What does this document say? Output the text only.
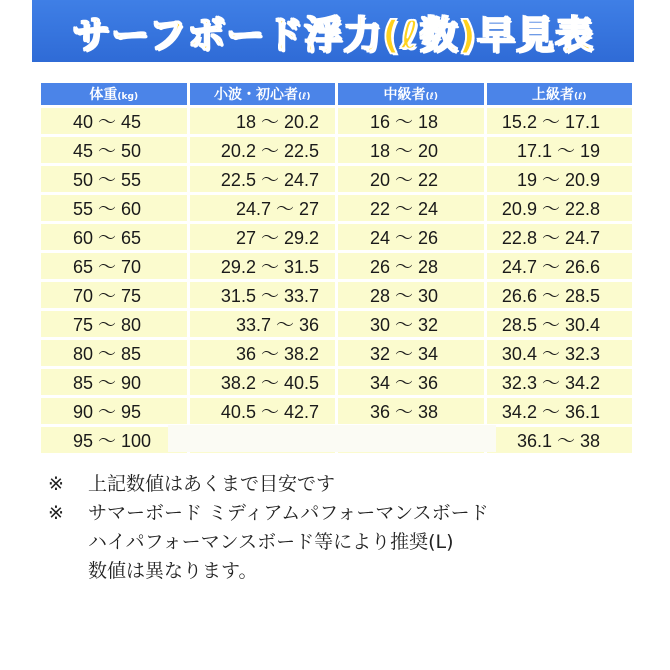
サーフボード浮力(ℓ数)早見表
体重(kg)	小波・初心者(ℓ)	中級者(ℓ)	上級者(ℓ)
40 ～ 45	18 ～ 20.2	16 ～ 18	15.2 ～ 17.1
45 ～ 50	20.2 ～ 22.5	18 ～ 20	17.1 ～ 19
50 ～ 55	22.5 ～ 24.7	20 ～ 22	19 ～ 20.9
55 ～ 60	24.7 ～ 27	22 ～ 24	20.9 ～ 22.8
60 ～ 65	27 ～ 29.2	24 ～ 26	22.8 ～ 24.7
65 ～ 70	29.2 ～ 31.5	26 ～ 28	24.7 ～ 26.6
70 ～ 75	31.5 ～ 33.7	28 ～ 30	26.6 ～ 28.5
75 ～ 80	33.7 ～ 36	30 ～ 32	28.5 ～ 30.4
80 ～ 85	36 ～ 38.2	32 ～ 34	30.4 ～ 32.3
85 ～ 90	38.2 ～ 40.5	34 ～ 36	32.3 ～ 34.2
90 ～ 95	40.5 ～ 42.7	36 ～ 38	34.2 ～ 36.1
95 ～ 100			36.1 ～ 38
※	上記数値はあくまで目安です
※	サマーボード ミディアムパフォーマンスボード
ハイパフォーマンスボード等により推奨(L)
数値は異なります。
